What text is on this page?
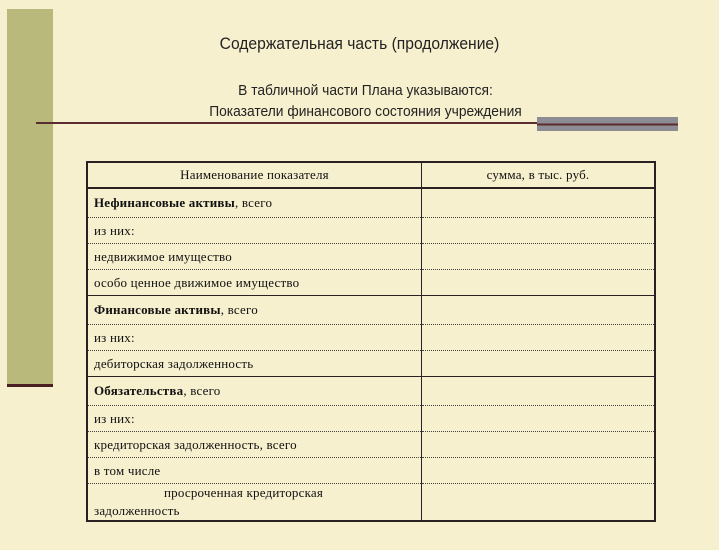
Содержательная часть (продолжение)
В табличной части Плана указываются:
Показатели финансового состояния учреждения
Наименование показателя	сумма, в тыс. руб.
Нефинансовые активы, всего	
из них:	
недвижимое имущество	
особо ценное движимое имущество	
Финансовые активы, всего	
из них:	
дебиторская задолженность	
Обязательства, всего	
из них:	
кредиторская задолженность, всего	
в том числе	

просроченная кредиторская
задолженность	
